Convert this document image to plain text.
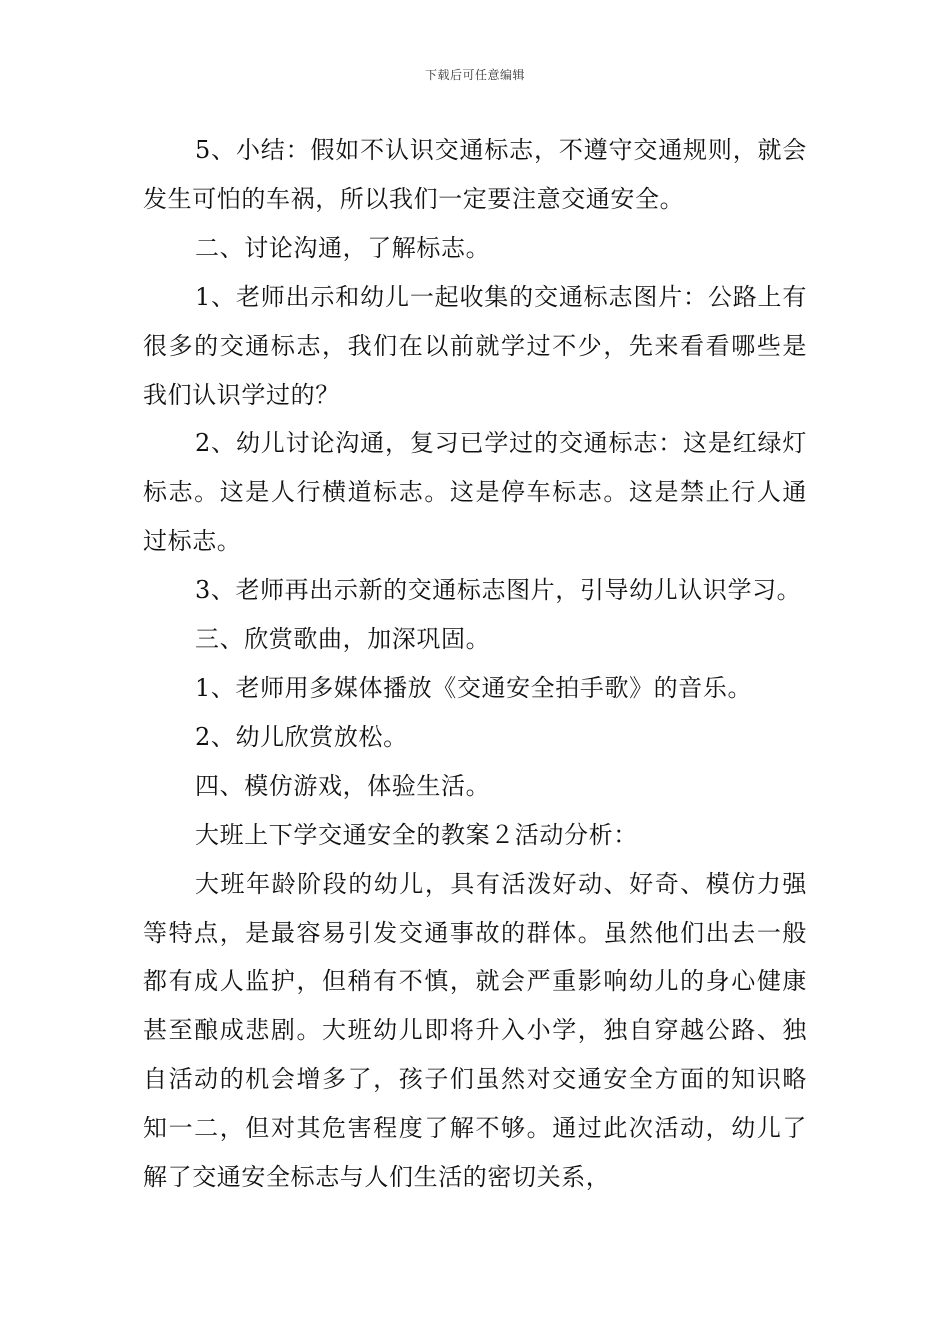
下载后可任意编辑

5、小结：假如不认识交通标志，不遵守交通规则，就会发生可怕的车祸，所以我们一定要注意交通安全。

二、讨论沟通，了解标志。

1、老师出示和幼儿一起收集的交通标志图片：公路上有很多的交通标志，我们在以前就学过不少，先来看看哪些是我们认识学过的？

2、幼儿讨论沟通，复习已学过的交通标志：这是红绿灯标志。这是人行横道标志。这是停车标志。这是禁止行人通过标志。

3、老师再出示新的交通标志图片，引导幼儿认识学习。

三、欣赏歌曲，加深巩固。

1、老师用多媒体播放《交通安全拍手歌》的音乐。

2、幼儿欣赏放松。

四、模仿游戏，体验生活。

大班上下学交通安全的教案２活动分析：

大班年龄阶段的幼儿，具有活泼好动、好奇、模仿力强等特点，是最容易引发交通事故的群体。虽然他们出去一般都有成人监护，但稍有不慎，就会严重影响幼儿的身心健康甚至酿成悲剧。大班幼儿即将升入小学，独自穿越公路、独自活动的机会增多了，孩子们虽然对交通安全方面的知识略知一二，但对其危害程度了解不够。通过此次活动，幼儿了解了交通安全标志与人们生活的密切关系，
